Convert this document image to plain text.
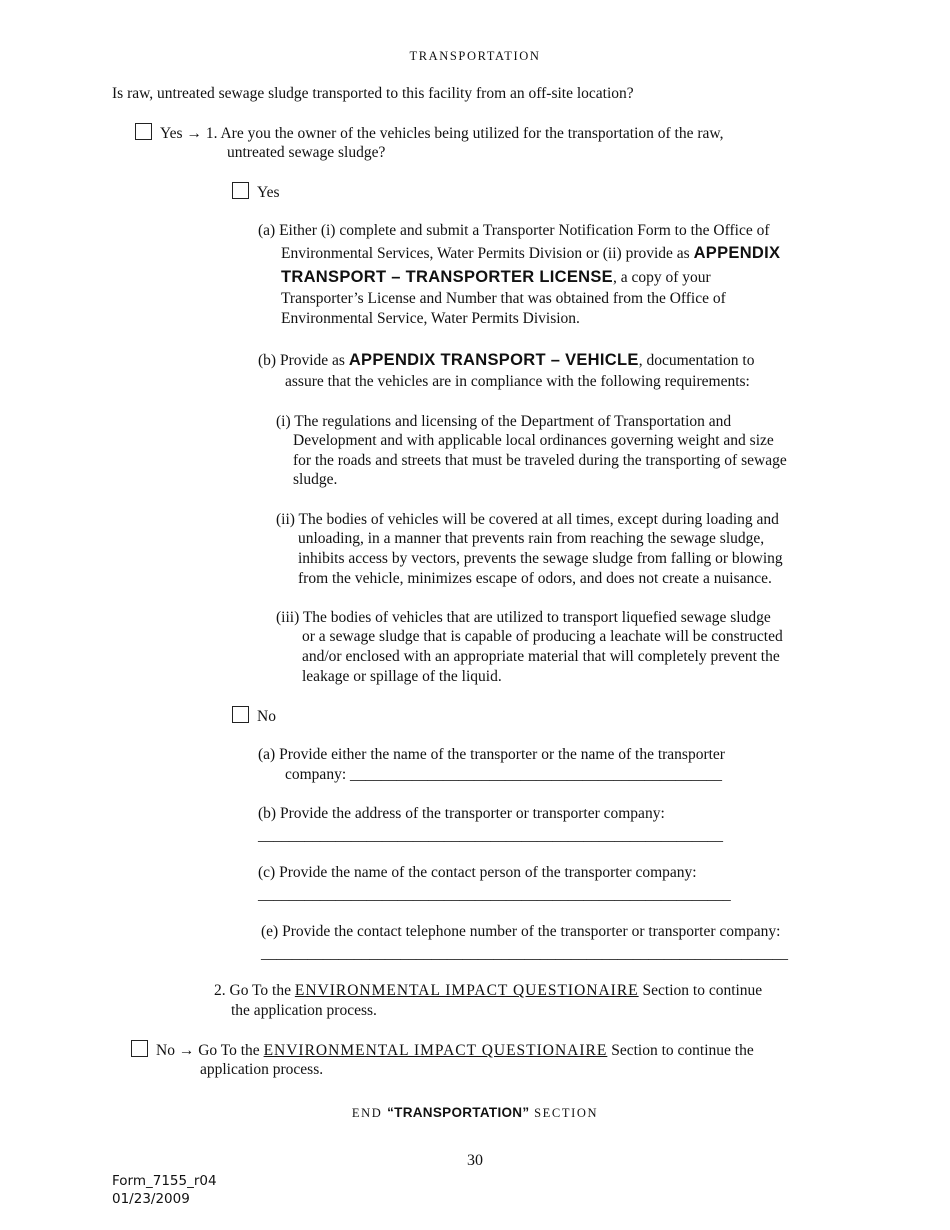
TRANSPORTATION
Is raw, untreated sewage sludge transported to this facility from an off-site location?
Yes → 1. Are you the owner of the vehicles being utilized for the transportation of the raw,
untreated sewage sludge?
Yes
(a) Either (i) complete and submit a Transporter Notification Form to the Office of
Environmental Services, Water Permits Division or (ii) provide as APPENDIX
TRANSPORT – TRANSPORTER LICENSE, a copy of your
Transporter’s License and Number that was obtained from the Office of
Environmental Service, Water Permits Division.
(b) Provide as APPENDIX TRANSPORT – VEHICLE, documentation to
assure that the vehicles are in compliance with the following requirements:
(i) The regulations and licensing of the Department of Transportation and
Development and with applicable local ordinances governing weight and size
for the roads and streets that must be traveled during the transporting of sewage
sludge.
(ii) The bodies of vehicles will be covered at all times, except during loading and
unloading, in a manner that prevents rain from reaching the sewage sludge,
inhibits access by vectors, prevents the sewage sludge from falling or blowing
from the vehicle, minimizes escape of odors, and does not create a nuisance.
(iii) The bodies of vehicles that are utilized to transport liquefied sewage sludge
or a sewage sludge that is capable of producing a leachate will be constructed
and/or enclosed with an appropriate material that will completely prevent the
leakage or spillage of the liquid.
No
(a) Provide either the name of the transporter or the name of the transporter
company: ________________________________________________
(b) Provide the address of the transporter or transporter company:
____________________________________________________________
(c) Provide the name of the contact person of the transporter company:
_____________________________________________________________
(e) Provide the contact telephone number of the transporter or transporter company:
____________________________________________________________________
2. Go To the ENVIRONMENTAL IMPACT QUESTIONAIRE Section to continue
the application process.
No → Go To the ENVIRONMENTAL IMPACT QUESTIONAIRE Section to continue the
application process.
END “TRANSPORTATION” SECTION
30
Form_7155_r04
01/23/2009
